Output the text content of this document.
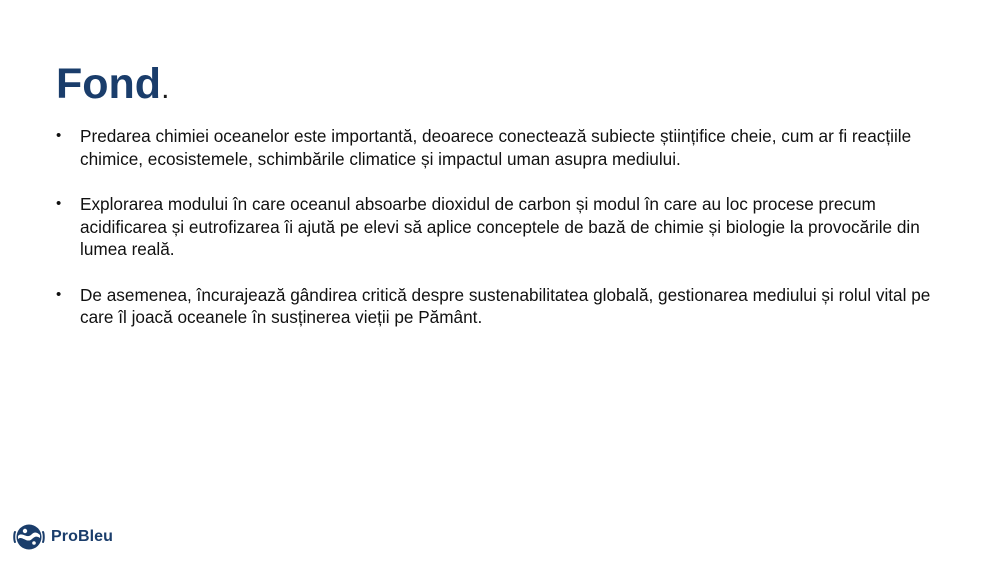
Fond.
• Predarea chimiei oceanelor este importantă, deoarece conectează subiecte științifice cheie, cum ar fi reacțiile chimice, ecosistemele, schimbările climatice și impactul uman asupra mediului.
• Explorarea modului în care oceanul absoarbe dioxidul de carbon și modul în care au loc procese precum acidificarea și eutrofizarea îi ajută pe elevi să aplice conceptele de bază de chimie și biologie la provocările din lumea reală.
• De asemenea, încurajează gândirea critică despre sustenabilitatea globală, gestionarea mediului și rolul vital pe care îl joacă oceanele în susținerea vieții pe Pământ.
ProBleu
